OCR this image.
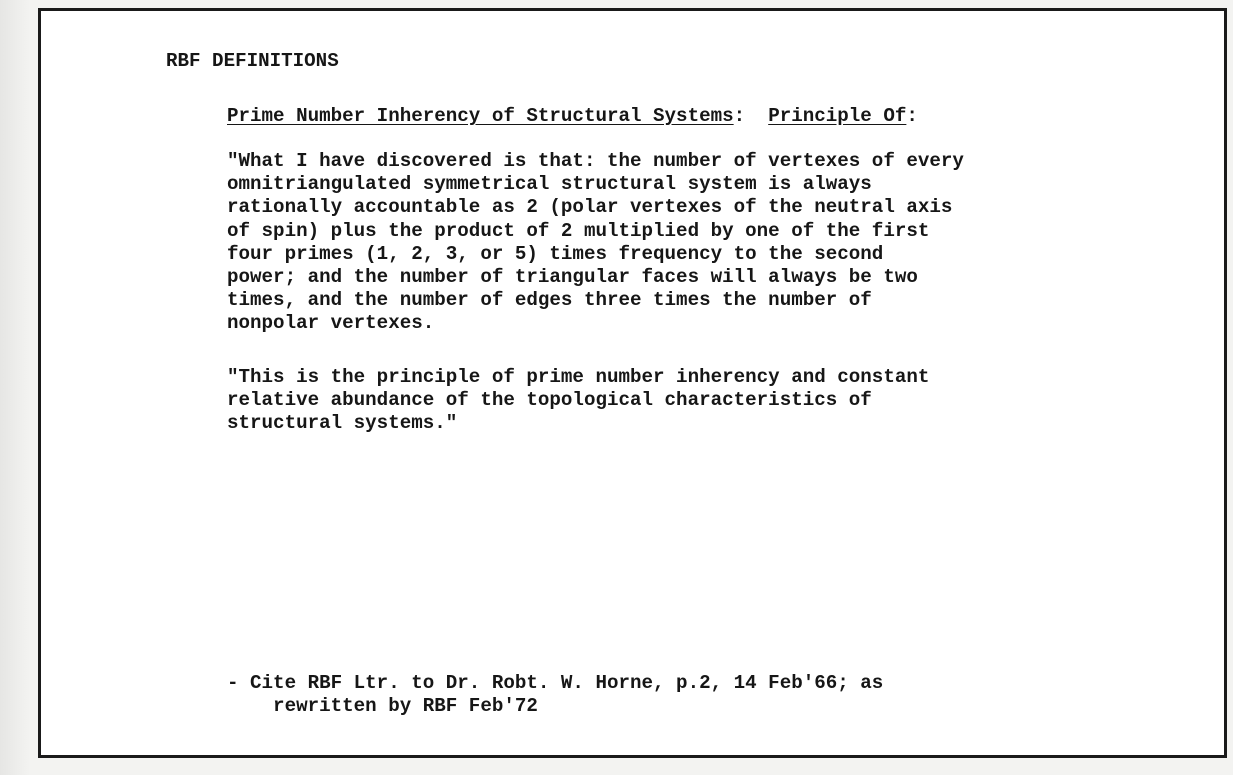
RBF DEFINITIONS
Prime Number Inherency of Structural Systems:  Principle Of:
"What I have discovered is that: the number of vertexes of every
omnitriangulated symmetrical structural system is always
rationally accountable as 2 (polar vertexes of the neutral axis
of spin) plus the product of 2 multiplied by one of the first
four primes (1, 2, 3, or 5) times frequency to the second
power; and the number of triangular faces will always be two
times, and the number of edges three times the number of
nonpolar vertexes.
"This is the principle of prime number inherency and constant
relative abundance of the topological characteristics of
structural systems."
- Cite RBF Ltr. to Dr. Robt. W. Horne, p.2, 14 Feb'66; as
rewritten by RBF Feb'72
